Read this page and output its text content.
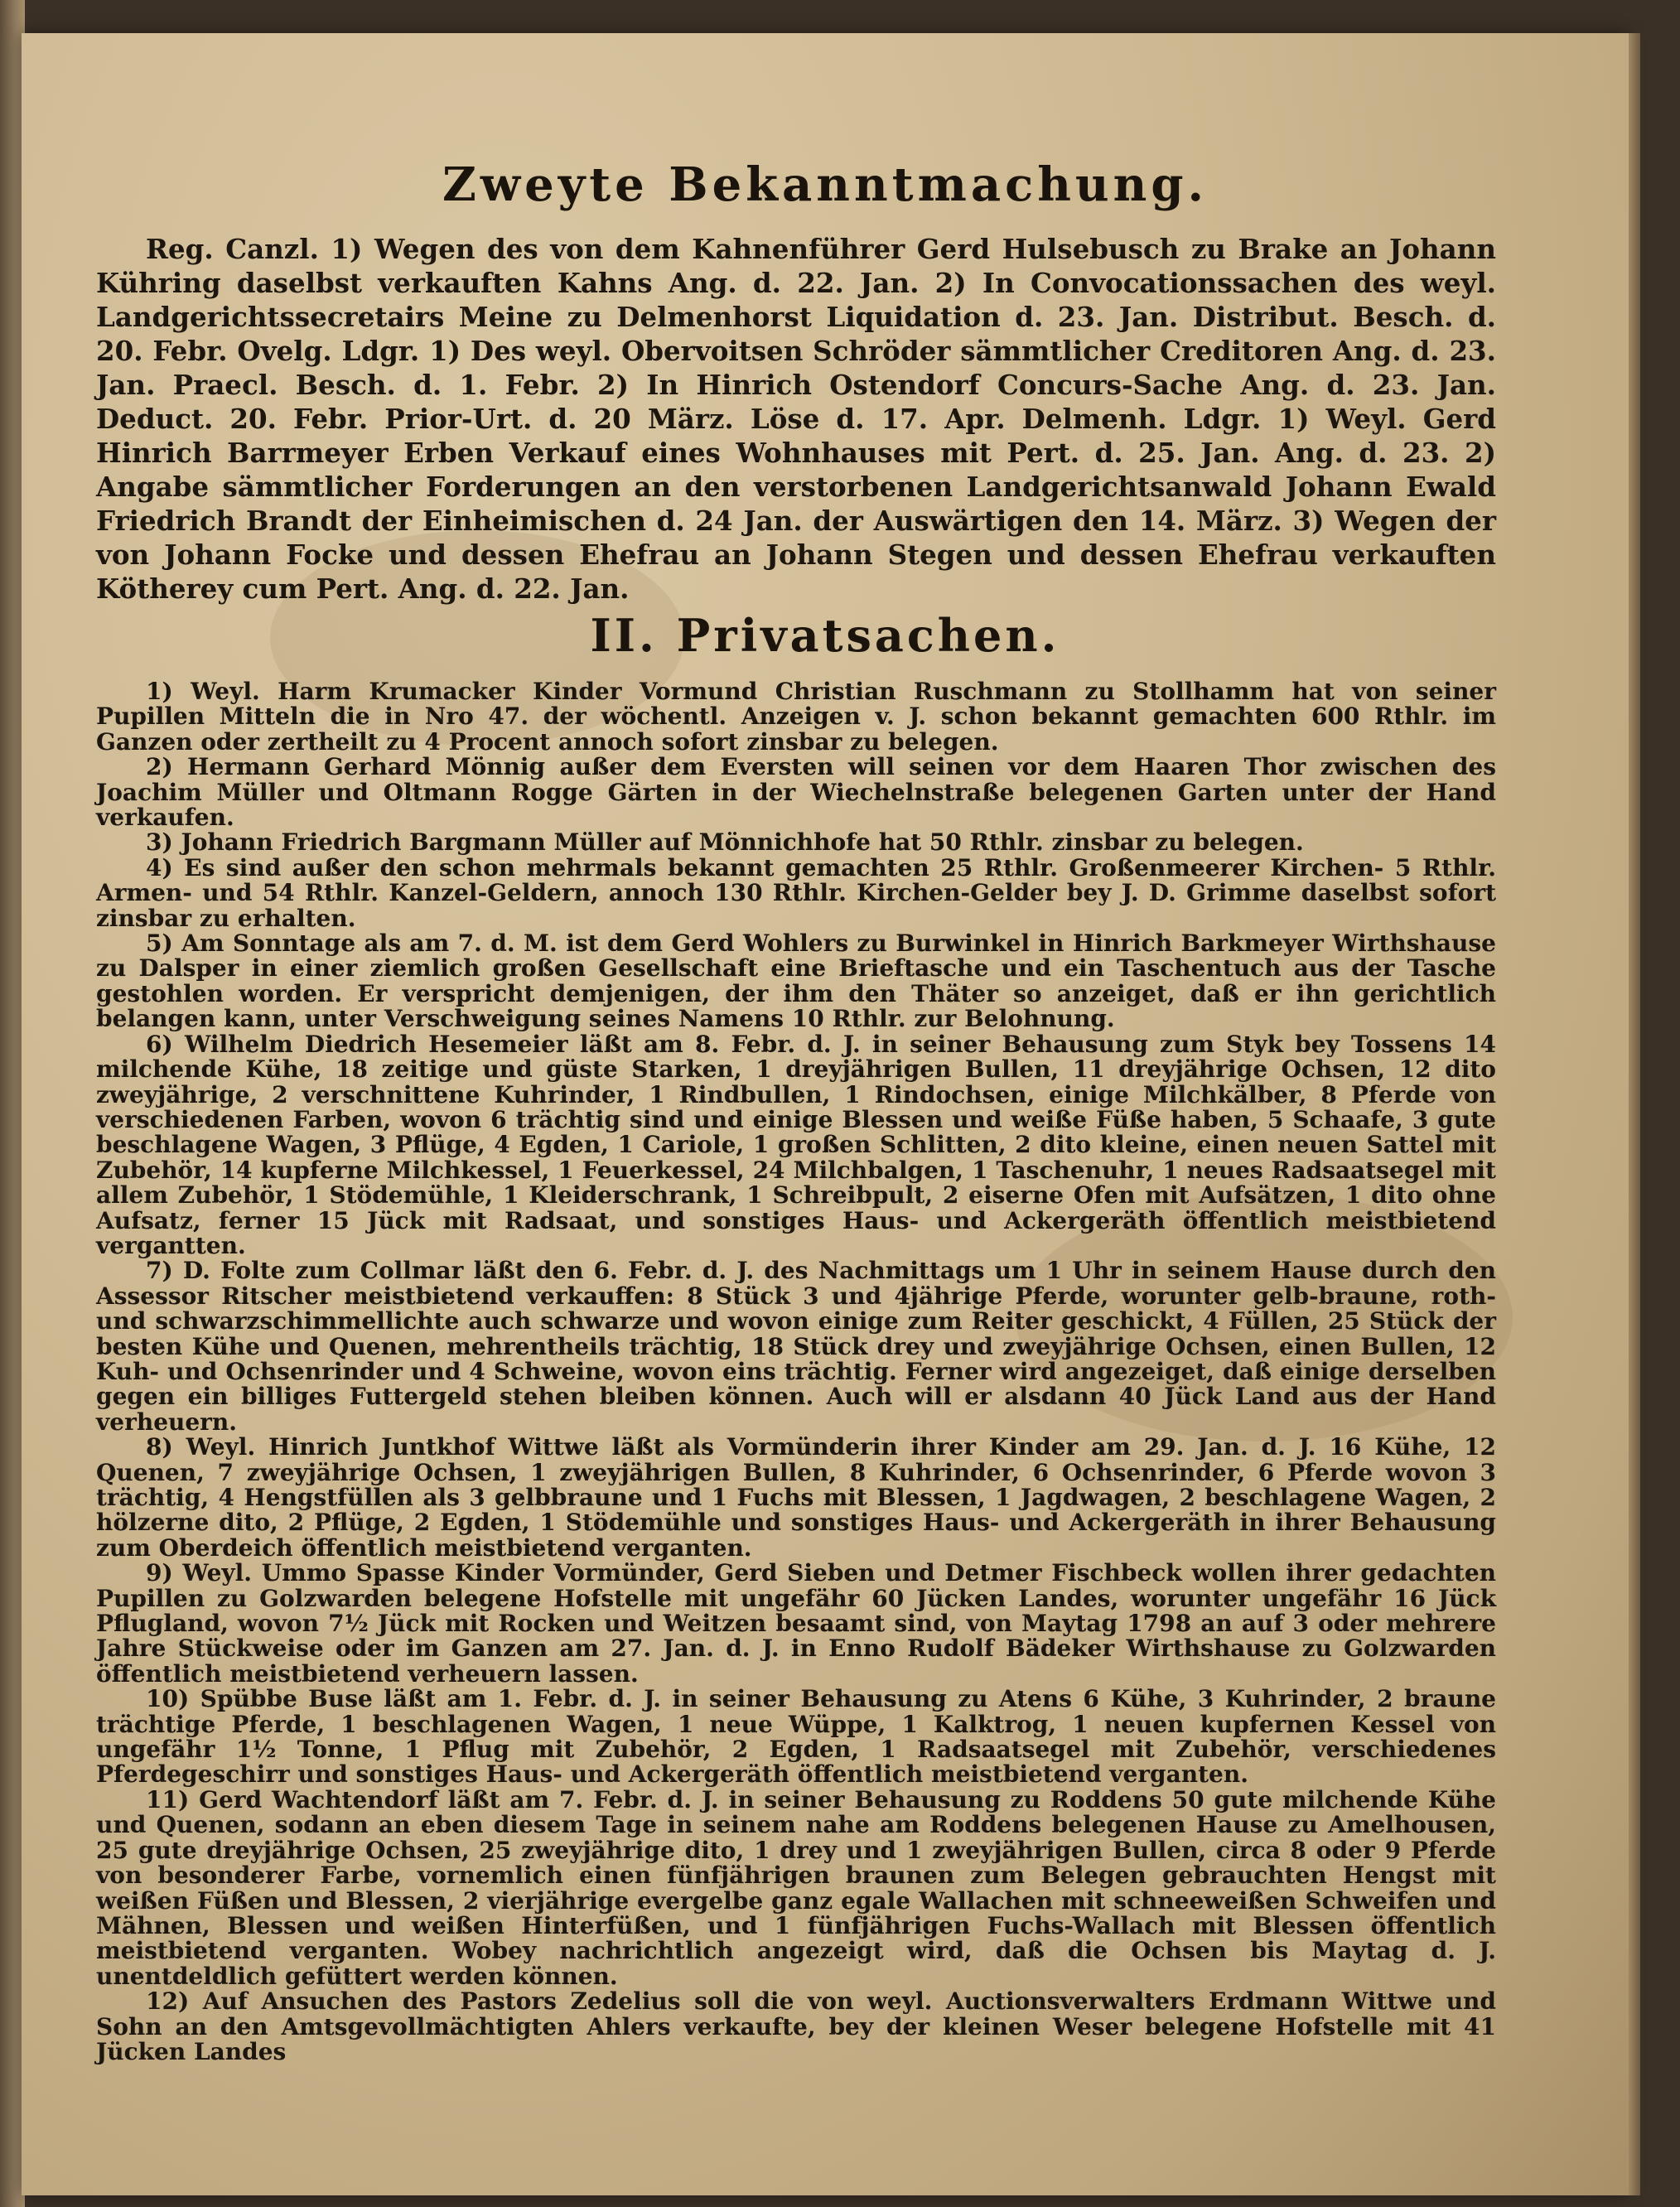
Zweyte Bekanntmachung.

Reg. Canzl. 1) Wegen des von dem Kahnenführer Gerd Hulsebusch zu Brake an Johann Kühring daselbst verkauften Kahns Ang. d. 22. Jan. 2) In Convocationssachen des weyl. Landgerichtssecretairs Meine zu Delmenhorst Liquidation d. 23. Jan. Distribut. Besch. d. 20. Febr. Ovelg. Ldgr. 1) Des weyl. Obervoitsen Schröder sämmtlicher Creditoren Ang. d. 23. Jan. Praecl. Besch. d. 1. Febr. 2) In Hinrich Ostendorf Concurs-Sache Ang. d. 23. Jan. Deduct. 20. Febr. Prior-Urt. d. 20 März. Löse d. 17. Apr. Delmenh. Ldgr. 1) Weyl. Gerd Hinrich Barrmeyer Erben Verkauf eines Wohnhauses mit Pert. d. 25. Jan. Ang. d. 23. 2) Angabe sämmtlicher Forderungen an den verstorbenen Landgerichtsanwald Johann Ewald Friedrich Brandt der Einheimischen d. 24 Jan. der Auswärtigen den 14. März. 3) Wegen der von Johann Focke und dessen Ehefrau an Johann Stegen und dessen Ehefrau verkauften Kötherey cum Pert. Ang. d. 22. Jan.

II. Privatsachen.

1) Weyl. Harm Krumacker Kinder Vormund Christian Ruschmann zu Stollhamm hat von seiner Pupillen Mitteln die in Nro 47. der wöchentl. Anzeigen v. J. schon bekannt gemachten 600 Rthlr. im Ganzen oder zertheilt zu 4 Procent annoch sofort zinsbar zu belegen.

2) Hermann Gerhard Mönnig außer dem Eversten will seinen vor dem Haaren Thor zwischen des Joachim Müller und Oltmann Rogge Gärten in der Wiechelnstraße belegenen Garten unter der Hand verkaufen.

3) Johann Friedrich Bargmann Müller auf Mönnichhofe hat 50 Rthlr. zinsbar zu belegen.

4) Es sind außer den schon mehrmals bekannt gemachten 25 Rthlr. Großenmeerer Kirchen- 5 Rthlr. Armen- und 54 Rthlr. Kanzel-Geldern, annoch 130 Rthlr. Kirchen-Gelder bey J. D. Grimme daselbst sofort zinsbar zu erhalten.

5) Am Sonntage als am 7. d. M. ist dem Gerd Wohlers zu Burwinkel in Hinrich Barkmeyer Wirthshause zu Dalsper in einer ziemlich großen Gesellschaft eine Brieftasche und ein Taschentuch aus der Tasche gestohlen worden. Er verspricht demjenigen, der ihm den Thäter so anzeiget, daß er ihn gerichtlich belangen kann, unter Verschweigung seines Namens 10 Rthlr. zur Belohnung.

6) Wilhelm Diedrich Hesemeier läßt am 8. Febr. d. J. in seiner Behausung zum Styk bey Tossens 14 milchende Kühe, 18 zeitige und güste Starken, 1 dreyjährigen Bullen, 11 dreyjährige Ochsen, 12 dito zweyjährige, 2 verschnittene Kuhrinder, 1 Rindbullen, 1 Rindochsen, einige Milchkälber, 8 Pferde von verschiedenen Farben, wovon 6 trächtig sind und einige Blessen und weiße Füße haben, 5 Schaafe, 3 gute beschlagene Wagen, 3 Pflüge, 4 Egden, 1 Cariole, 1 großen Schlitten, 2 dito kleine, einen neuen Sattel mit Zubehör, 14 kupferne Milchkessel, 1 Feuerkessel, 24 Milchbalgen, 1 Taschenuhr, 1 neues Radsaatsegel mit allem Zubehör, 1 Stödemühle, 1 Kleiderschrank, 1 Schreibpult, 2 eiserne Ofen mit Aufsätzen, 1 dito ohne Aufsatz, ferner 15 Jück mit Radsaat, und sonstiges Haus- und Ackergeräth öffentlich meistbietend vergantten.

7) D. Folte zum Collmar läßt den 6. Febr. d. J. des Nachmittags um 1 Uhr in seinem Hause durch den Assessor Ritscher meistbietend verkauffen: 8 Stück 3 und 4jährige Pferde, worunter gelb-braune, roth- und schwarzschimmellichte auch schwarze und wovon einige zum Reiter geschickt, 4 Füllen, 25 Stück der besten Kühe und Quenen, mehrentheils trächtig, 18 Stück drey und zweyjährige Ochsen, einen Bullen, 12 Kuh- und Ochsenrinder und 4 Schweine, wovon eins trächtig. Ferner wird angezeiget, daß einige derselben gegen ein billiges Futtergeld stehen bleiben können. Auch will er alsdann 40 Jück Land aus der Hand verheuern.

8) Weyl. Hinrich Juntkhof Wittwe läßt als Vormünderin ihrer Kinder am 29. Jan. d. J. 16 Kühe, 12 Quenen, 7 zweyjährige Ochsen, 1 zweyjährigen Bullen, 8 Kuhrinder, 6 Ochsenrinder, 6 Pferde wovon 3 trächtig, 4 Hengstfüllen als 3 gelbbraune und 1 Fuchs mit Blessen, 1 Jagdwagen, 2 beschlagene Wagen, 2 hölzerne dito, 2 Pflüge, 2 Egden, 1 Stödemühle und sonstiges Haus- und Ackergeräth in ihrer Behausung zum Oberdeich öffentlich meistbietend verganten.

9) Weyl. Ummo Spasse Kinder Vormünder, Gerd Sieben und Detmer Fischbeck wollen ihrer gedachten Pupillen zu Golzwarden belegene Hofstelle mit ungefähr 60 Jücken Landes, worunter ungefähr 16 Jück Pflugland, wovon 7½ Jück mit Rocken und Weitzen besaamt sind, von Maytag 1798 an auf 3 oder mehrere Jahre Stückweise oder im Ganzen am 27. Jan. d. J. in Enno Rudolf Bädeker Wirthshause zu Golzwarden öffentlich meistbietend verheuern lassen.

10) Spübbe Buse läßt am 1. Febr. d. J. in seiner Behausung zu Atens 6 Kühe, 3 Kuhrinder, 2 braune trächtige Pferde, 1 beschlagenen Wagen, 1 neue Wüppe, 1 Kalktrog, 1 neuen kupfernen Kessel von ungefähr 1½ Tonne, 1 Pflug mit Zubehör, 2 Egden, 1 Radsaatsegel mit Zubehör, verschiedenes Pferdegeschirr und sonstiges Haus- und Ackergeräth öffentlich meistbietend verganten.

11) Gerd Wachtendorf läßt am 7. Febr. d. J. in seiner Behausung zu Roddens 50 gute milchende Kühe und Quenen, sodann an eben diesem Tage in seinem nahe am Roddens belegenen Hause zu Amelhousen, 25 gute dreyjährige Ochsen, 25 zweyjährige dito, 1 drey und 1 zweyjährigen Bullen, circa 8 oder 9 Pferde von besonderer Farbe, vornemlich einen fünfjährigen braunen zum Belegen gebrauchten Hengst mit weißen Füßen und Blessen, 2 vierjährige evergelbe ganz egale Wallachen mit schneeweißen Schweifen und Mähnen, Blessen und weißen Hinterfüßen, und 1 fünfjährigen Fuchs-Wallach mit Blessen öffentlich meistbietend verganten. Wobey nachrichtlich angezeigt wird, daß die Ochsen bis Maytag d. J. unentdeldlich gefüttert werden können.

12) Auf Ansuchen des Pastors Zedelius soll die von weyl. Auctionsverwalters Erdmann Wittwe und Sohn an den Amtsgevollmächtigten Ahlers verkaufte, bey der kleinen Weser belegene Hofstelle mit 41 Jücken Landes
